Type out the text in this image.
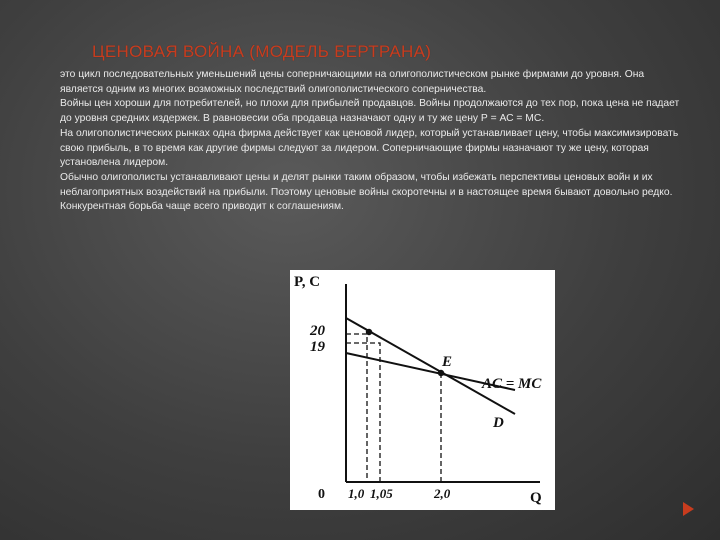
ЦЕНОВАЯ ВОЙНА (МОДЕЛЬ БЕРТРАНА)

это цикл последовательных уменьшений цены соперничающими на олигополистическом рынке фирмами до уровня. Она является одним из многих возможных последствий олигополистического соперничества.

Войны цен хороши для потребителей, но плохи для прибылей продавцов. Войны продолжаются до тех пор, пока цена не падает до уровня средних издержек. В равновесии оба продавца назначают одну и ту же цену Р = АС = МС.

На олигополистических рынках одна фирма действует как ценовой лидер, который устанавливает цену, чтобы максимизировать свою прибыль, в то время как другие фирмы следуют за лидером. Соперничающие фирмы назначают ту же цену, которая установлена лидером.

Обычно олигополисты устанавливают цены и делят рынки таким образом, чтобы избежать перспективы ценовых войн и их неблагоприятных воздействий на прибыли. Поэтому ценовые войны скоротечны и в настоящее время бывают довольно редко. Конкурентная борьба чаще всего приводит к соглашениям.

P, C
Q
0
20
19
1,0 1,05	2,0
E
AC = MC
D
